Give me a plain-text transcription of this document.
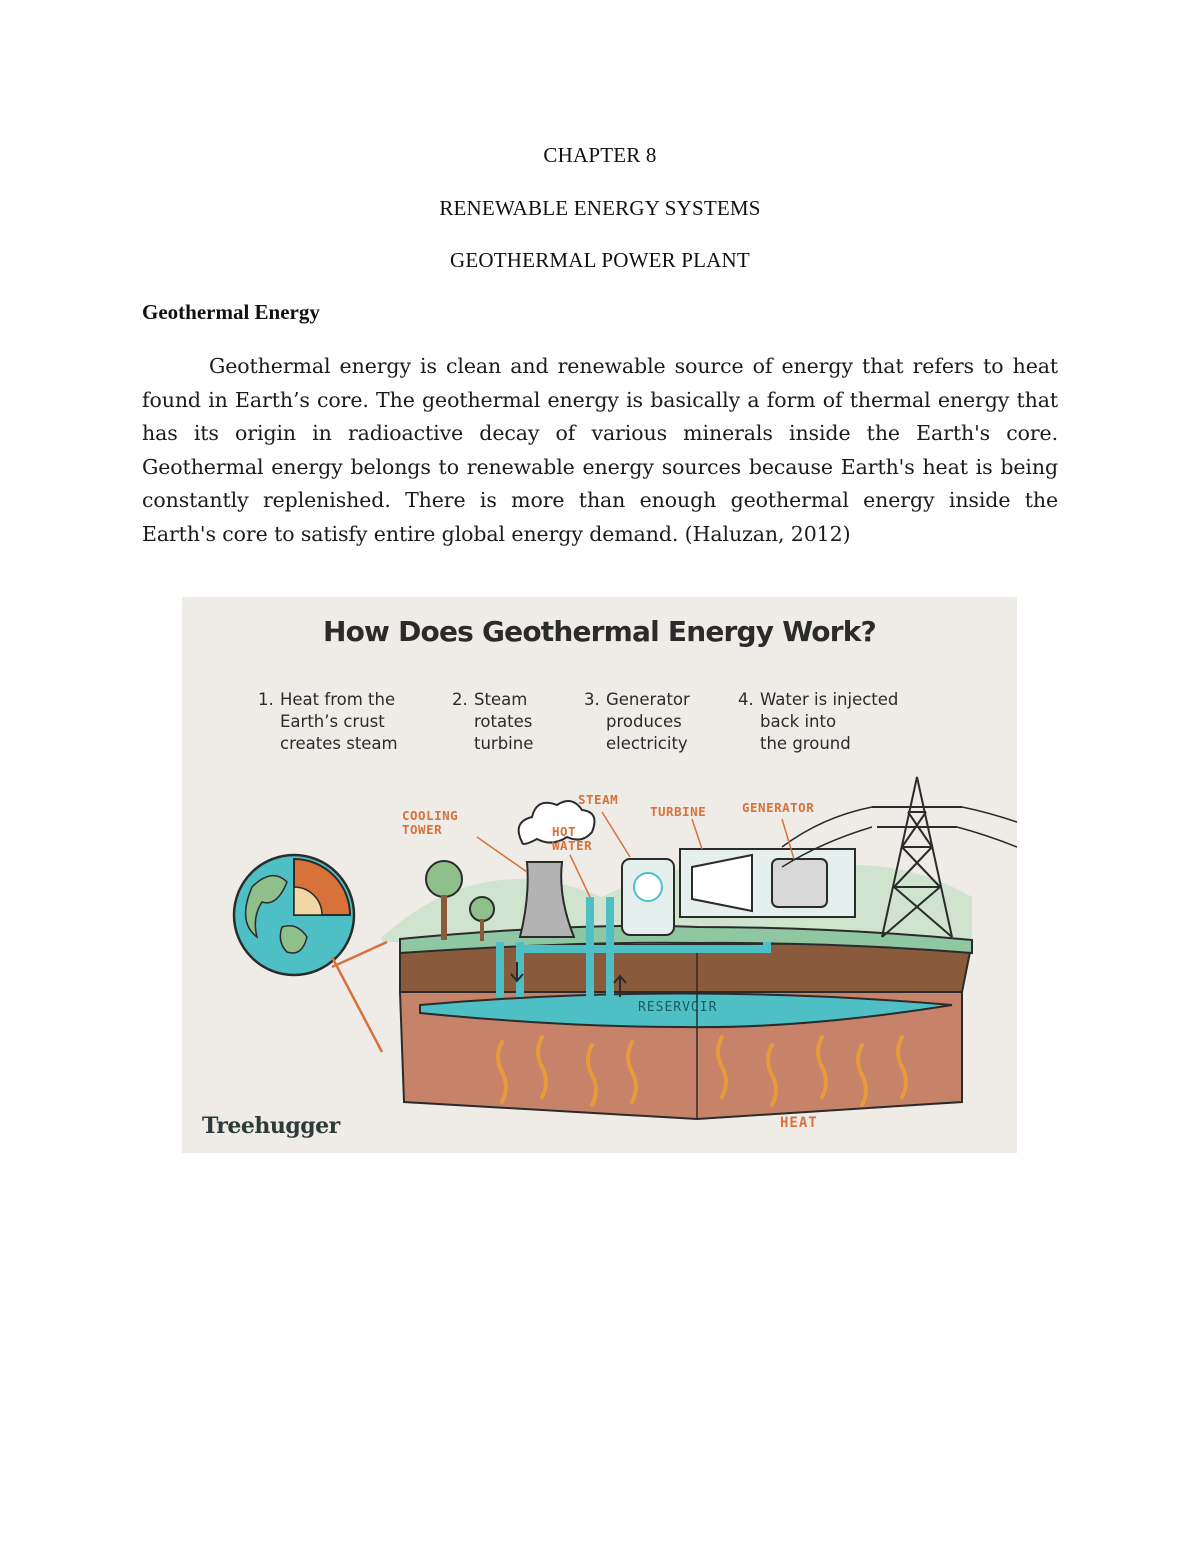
CHAPTER 8
RENEWABLE ENERGY SYSTEMS
GEOTHERMAL POWER PLANT
Geothermal Energy
Geothermal energy is clean and renewable source of energy that refers to heat found in Earth’s core. The geothermal energy is basically a form of thermal energy that has its origin in radioactive decay of various minerals inside the Earth's core. Geothermal energy belongs to renewable energy sources because Earth's heat is being constantly replenished. There is more than enough geothermal energy inside the Earth's core to satisfy entire global energy demand. (Haluzan, 2012)
How Does Geothermal Energy Work?
1. Heat from the
Earth’s crust
creates steam
2. Steam
rotates
turbine
3. Generator
produces
electricity
4. Water is injected
back into
the ground
COOLING
TOWER
STEAM
HOT
WATER
TURBINE	GENERATOR
RESERVOIR
HEAT
Treehugger
